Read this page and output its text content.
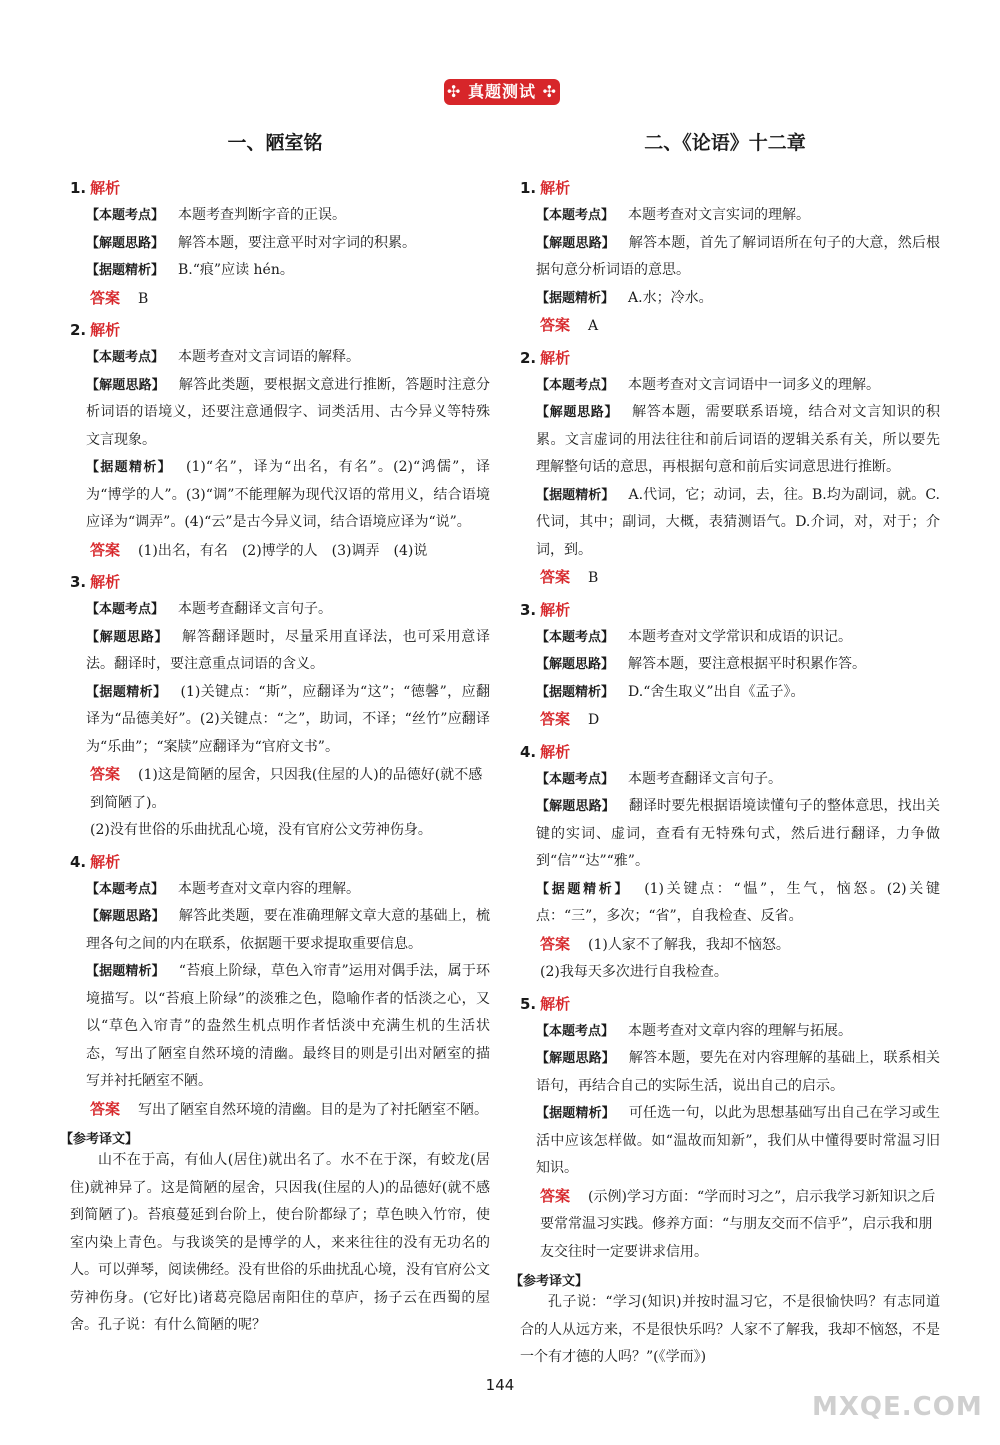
✣ 真题测试 ✣
一、陋室铭
1. 解析
【本题考点】 本题考查判断字音的正误。
【解题思路】 解答本题，要注意平时对字词的积累。
【据题精析】 B.“痕”应读 hén。
答案 B
2. 解析
【本题考点】 本题考查对文言词语的解释。
【解题思路】 解答此类题，要根据文意进行推断，答题时注意分析词语的语境义，还要注意通假字、词类活用、古今异义等特殊文言现象。
【据题精析】 (1)“名”，译为“出名，有名”。(2)“鸿儒”，译为“博学的人”。(3)“调”不能理解为现代汉语的常用义，结合语境应译为“调弄”。(4)“云”是古今异义词，结合语境应译为“说”。
答案 (1)出名，有名　(2)博学的人　(3)调弄　(4)说
3. 解析
【本题考点】 本题考查翻译文言句子。
【解题思路】 解答翻译题时，尽量采用直译法，也可采用意译法。翻译时，要注意重点词语的含义。
【据题精析】 (1)关键点：“斯”，应翻译为“这”；“德馨”，应翻译为“品德美好”。(2)关键点：“之”，助词，不译；“丝竹”应翻译为“乐曲”；“案牍”应翻译为“官府文书”。
答案 (1)这是简陋的屋舍，只因我(住屋的人)的品德好(就不感到简陋了)。
(2)没有世俗的乐曲扰乱心境，没有官府公文劳神伤身。
4. 解析
【本题考点】 本题考查对文章内容的理解。
【解题思路】 解答此类题，要在准确理解文章大意的基础上，梳理各句之间的内在联系，依据题干要求提取重要信息。
【据题精析】 “苔痕上阶绿，草色入帘青”运用对偶手法，属于环境描写。以“苔痕上阶绿”的淡雅之色，隐喻作者的恬淡之心，又以“草色入帘青”的盎然生机点明作者恬淡中充满生机的生活状态，写出了陋室自然环境的清幽。最终目的则是引出对陋室的描写并衬托陋室不陋。
答案 写出了陋室自然环境的清幽。目的是为了衬托陋室不陋。
【参考译文】
山不在于高，有仙人(居住)就出名了。水不在于深，有蛟龙(居住)就神异了。这是简陋的屋舍，只因我(住屋的人)的品德好(就不感到简陋了)。苔痕蔓延到台阶上，使台阶都绿了；草色映入竹帘，使室内染上青色。与我谈笑的是博学的人，来来往往的没有无功名的人。可以弹琴，阅读佛经。没有世俗的乐曲扰乱心境，没有官府公文劳神伤身。(它好比)诸葛亮隐居南阳住的草庐，扬子云在西蜀的屋舍。孔子说：有什么简陋的呢？
二、《论语》十二章
1. 解析
【本题考点】 本题考查对文言实词的理解。
【解题思路】 解答本题，首先了解词语所在句子的大意，然后根据句意分析词语的意思。
【据题精析】 A.水；冷水。
答案 A
2. 解析
【本题考点】 本题考查对文言词语中一词多义的理解。
【解题思路】 解答本题，需要联系语境，结合对文言知识的积累。文言虚词的用法往往和前后词语的逻辑关系有关，所以要先理解整句话的意思，再根据句意和前后实词意思进行推断。
【据题精析】 A.代词，它；动词，去，往。B.均为副词，就。C.代词，其中；副词，大概，表猜测语气。D.介词，对，对于；介词，到。
答案 B
3. 解析
【本题考点】 本题考查对文学常识和成语的识记。
【解题思路】 解答本题，要注意根据平时积累作答。
【据题精析】 D.“舍生取义”出自《孟子》。
答案 D
4. 解析
【本题考点】 本题考查翻译文言句子。
【解题思路】 翻译时要先根据语境读懂句子的整体意思，找出关键的实词、虚词，查看有无特殊句式，然后进行翻译，力争做到“信”“达”“雅”。
【据题精析】 (1)关键点：“愠”，生气，恼怒。(2)关键点：“三”，多次；“省”，自我检查、反省。
答案 (1)人家不了解我，我却不恼怒。
(2)我每天多次进行自我检查。
5. 解析
【本题考点】 本题考查对文章内容的理解与拓展。
【解题思路】 解答本题，要先在对内容理解的基础上，联系相关语句，再结合自己的实际生活，说出自己的启示。
【据题精析】 可任选一句，以此为思想基础写出自己在学习或生活中应该怎样做。如“温故而知新”，我们从中懂得要时常温习旧知识。
答案 (示例)学习方面：“学而时习之”，启示我学习新知识之后要常常温习实践。修养方面：“与朋友交而不信乎”，启示我和朋友交往时一定要讲求信用。
【参考译文】
孔子说：“学习(知识)并按时温习它，不是很愉快吗？有志同道合的人从远方来，不是很快乐吗？人家不了解我，我却不恼怒，不是一个有才德的人吗？”(《学而》)
144
MXQE.COM
